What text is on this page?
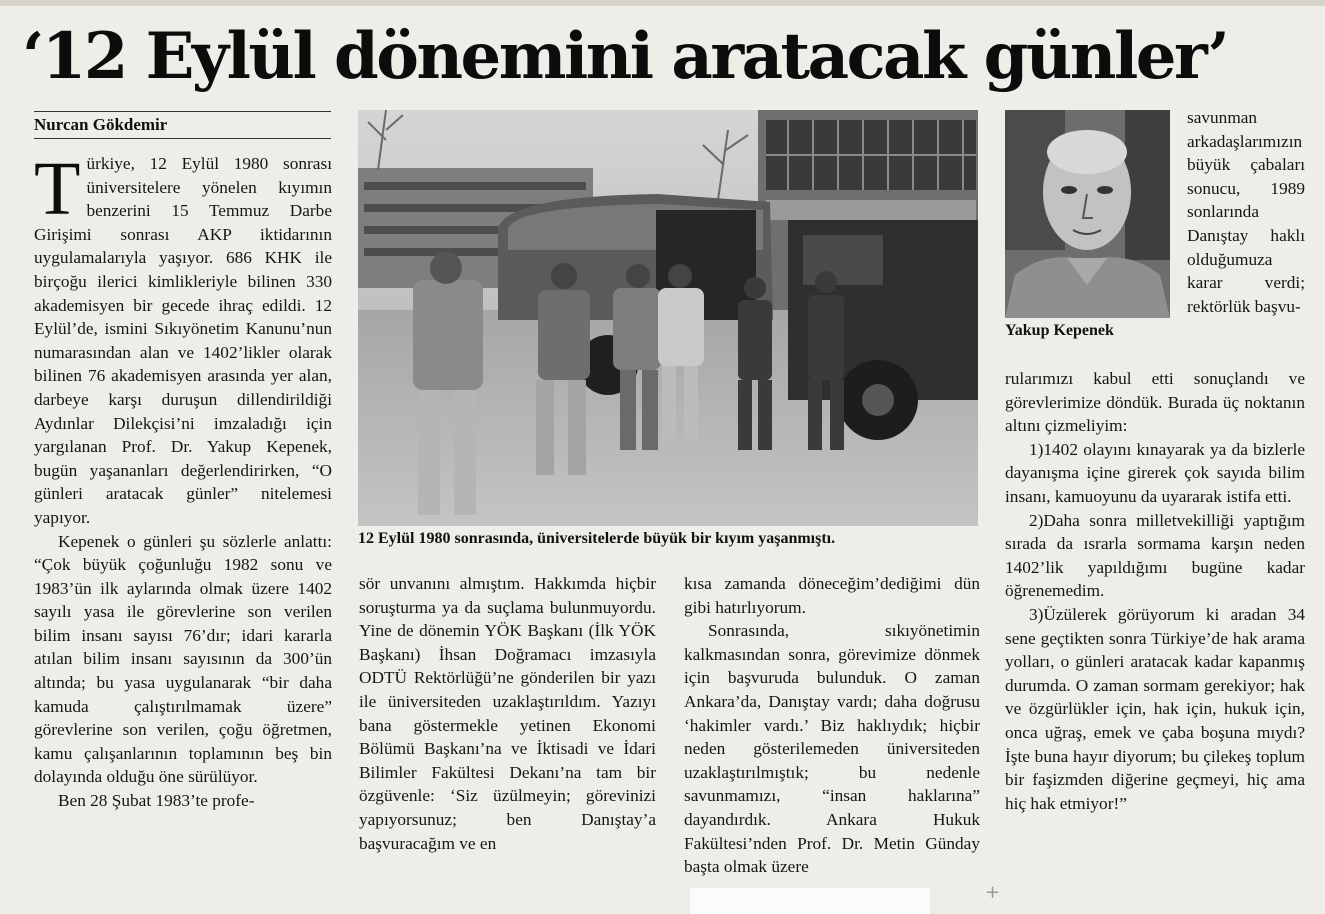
‘12 Eylül dönemini aratacak günler’
Nurcan Gökdemir

Türkiye, 12 Eylül 1980 sonrası üniversitelere yönelen kıyımın benzerini 15 Temmuz Darbe Girişimi sonrası AKP iktidarının uygulamalarıyla yaşıyor. 686 KHK ile birçoğu ilerici kimlikleriyle bilinen 330 akademisyen bir gecede ihraç edildi. 12 Eylül’de, ismini Sıkıyönetim Kanunu’nun numarasından alan ve 1402’likler olarak bilinen 76 akademisyen arasında yer alan, darbeye karşı duruşun dillendirildiği Aydınlar Dilekçisi’ni imzaladığı için yargılanan Prof. Dr. Yakup Kepenek, bugün yaşananları değerlendirirken, “O günleri aratacak günler” nitelemesi yapıyor.

Kepenek o günleri şu sözlerle anlattı: “Çok büyük çoğunluğu 1982 sonu ve 1983’ün ilk aylarında olmak üzere 1402 sayılı yasa ile görevlerine son verilen bilim insanı sayısı 76’dır; idari kararla atılan bilim insanı sayısının da 300’ün altında; bu yasa uygulanarak “bir daha kamuda çalıştırılmamak üzere” görevlerine son verilen, çoğu öğretmen, kamu çalışanlarının toplamının beş bin dolayında olduğu öne sürülüyor.

Ben 28 Şubat 1983’te profe-

12 Eylül 1980 sonrasında, üniversitelerde büyük bir kıyım yaşanmıştı.
Yakup Kepenek

savunman arkadaşlarımızın büyük çabaları sonucu, 1989 sonlarında Danıştay haklı olduğumuza karar verdi; rektörlük başvu-

sör unvanını almıştım. Hakkımda hiçbir soruşturma ya da suçlama bulunmuyordu. Yine de dönemin YÖK Başkanı (İlk YÖK Başkanı) İhsan Doğramacı imzasıyla ODTÜ Rektörlüğü’ne gönderilen bir yazı ile üniversiteden uzaklaştırıldım. Yazıyı bana göstermekle yetinen Ekonomi Bölümü Başkanı’na ve İktisadi ve İdari Bilimler Fakültesi Dekanı’na tam bir özgüvenle: ‘Siz üzülmeyin; görevinizi yapıyorsunuz; ben Danıştay’a başvuracağım ve en

kısa zamanda döneceğim’dediğimi dün gibi hatırlıyorum.

Sonrasında, sıkıyönetimin kalkmasından sonra, görevimize dönmek için başvuruda bulunduk. O zaman Ankara’da, Danıştay vardı; daha doğrusu ‘hakimler vardı.’ Biz haklıydık; hiçbir neden gösterilemeden üniversiteden uzaklaştırılmıştık; bu nedenle savunmamızı, “insan haklarına” dayandırdık. Ankara Hukuk Fakültesi’nden Prof. Dr. Metin Günday başta olmak üzere

rularımızı kabul etti sonuçlandı ve görevlerimize döndük. Burada üç noktanın altını çizmeliyim:

1)1402 olayını kınayarak ya da bizlerle dayanışma içine girerek çok sayıda bilim insanı, kamuoyunu da uyararak istifa etti.

2)Daha sonra milletvekilliği yaptığım sırada da ısrarla sormama karşın neden 1402’lik yapıldığımı bugüne kadar öğrenemedim.

3)Üzülerek görüyorum ki aradan 34 sene geçtikten sonra Türkiye’de hak arama yolları, o günleri aratacak kadar kapanmış durumda. O zaman sormam gerekiyor; hak ve özgürlükler için, hak için, hukuk için, onca uğraş, emek ve çaba boşuna mıydı? İşte buna hayır diyorum; bu çilekeş toplum bir faşizmden diğerine geçmeyi, hiç ama hiç hak etmiyor!”

+
